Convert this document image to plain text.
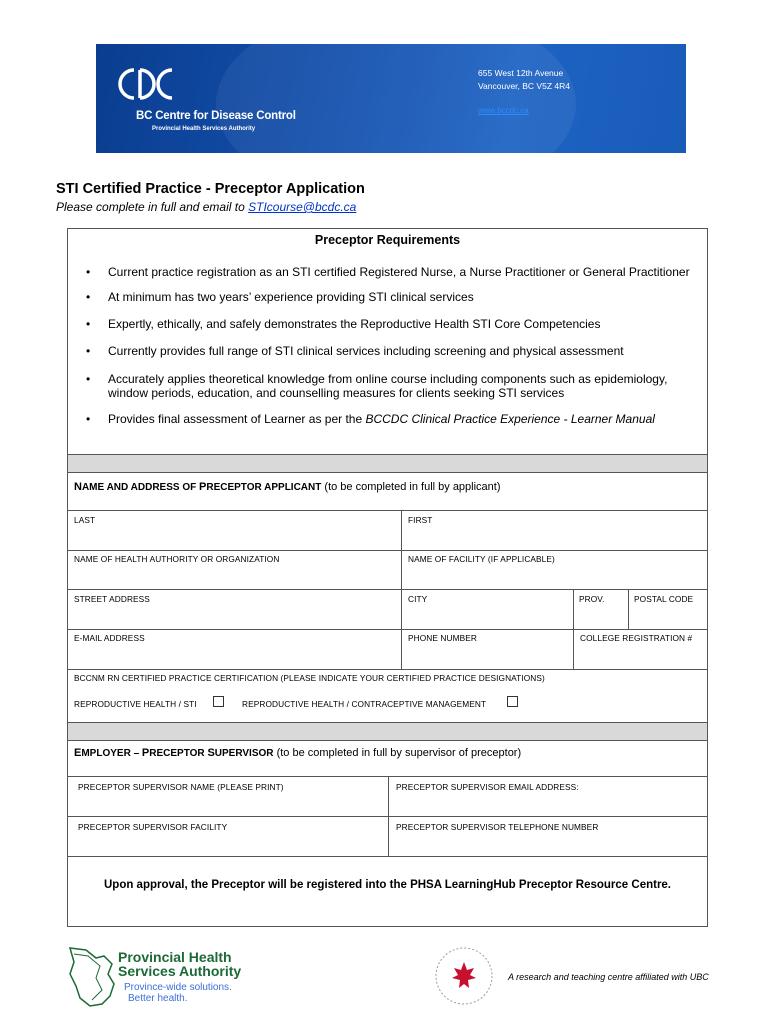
BC Centre for Disease Control
Provincial Health Services Authority
655 West 12th Avenue
Vancouver, BC V5Z 4R4
www.bccdc.ca
STI Certified Practice - Preceptor Application
Please complete in full and email to STIcourse@bcdc.ca
Preceptor Requirements
• Current practice registration as an STI certified Registered Nurse, a Nurse Practitioner or General Practitioner
• At minimum has two years’ experience providing STI clinical services
• Expertly, ethically, and safely demonstrates the Reproductive Health STI Core Competencies
• Currently provides full range of STI clinical services including screening and physical assessment
• Accurately applies theoretical knowledge from online course including components such as epidemiology, window periods, education, and counselling measures for clients seeking STI services
• Provides final assessment of Learner as per the BCCDC Clinical Practice Experience - Learner Manual
NAME AND ADDRESS OF PRECEPTOR APPLICANT (to be completed in full by applicant)
LAST	FIRST
NAME OF HEALTH AUTHORITY OR ORGANIZATION	NAME OF FACILITY (IF APPLICABLE)
STREET ADDRESS	CITY	PROV.	POSTAL CODE
E-MAIL ADDRESS	PHONE NUMBER	COLLEGE REGISTRATION #
BCCNM RN CERTIFIED PRACTICE CERTIFICATION (PLEASE INDICATE YOUR CERTIFIED PRACTICE DESIGNATIONS)
REPRODUCTIVE HEALTH / STI	REPRODUCTIVE HEALTH / CONTRACEPTIVE MANAGEMENT
EMPLOYER – PRECEPTOR SUPERVISOR (to be completed in full by supervisor of preceptor)
PRECEPTOR SUPERVISOR NAME (PLEASE PRINT)	PRECEPTOR SUPERVISOR EMAIL ADDRESS:
PRECEPTOR SUPERVISOR FACILITY	PRECEPTOR SUPERVISOR TELEPHONE NUMBER
Upon approval, the Preceptor will be registered into the PHSA LearningHub Preceptor Resource Centre.
Provincial Health
Services Authority
Province-wide solutions.
Better health.
A research and teaching centre affiliated with UBC
